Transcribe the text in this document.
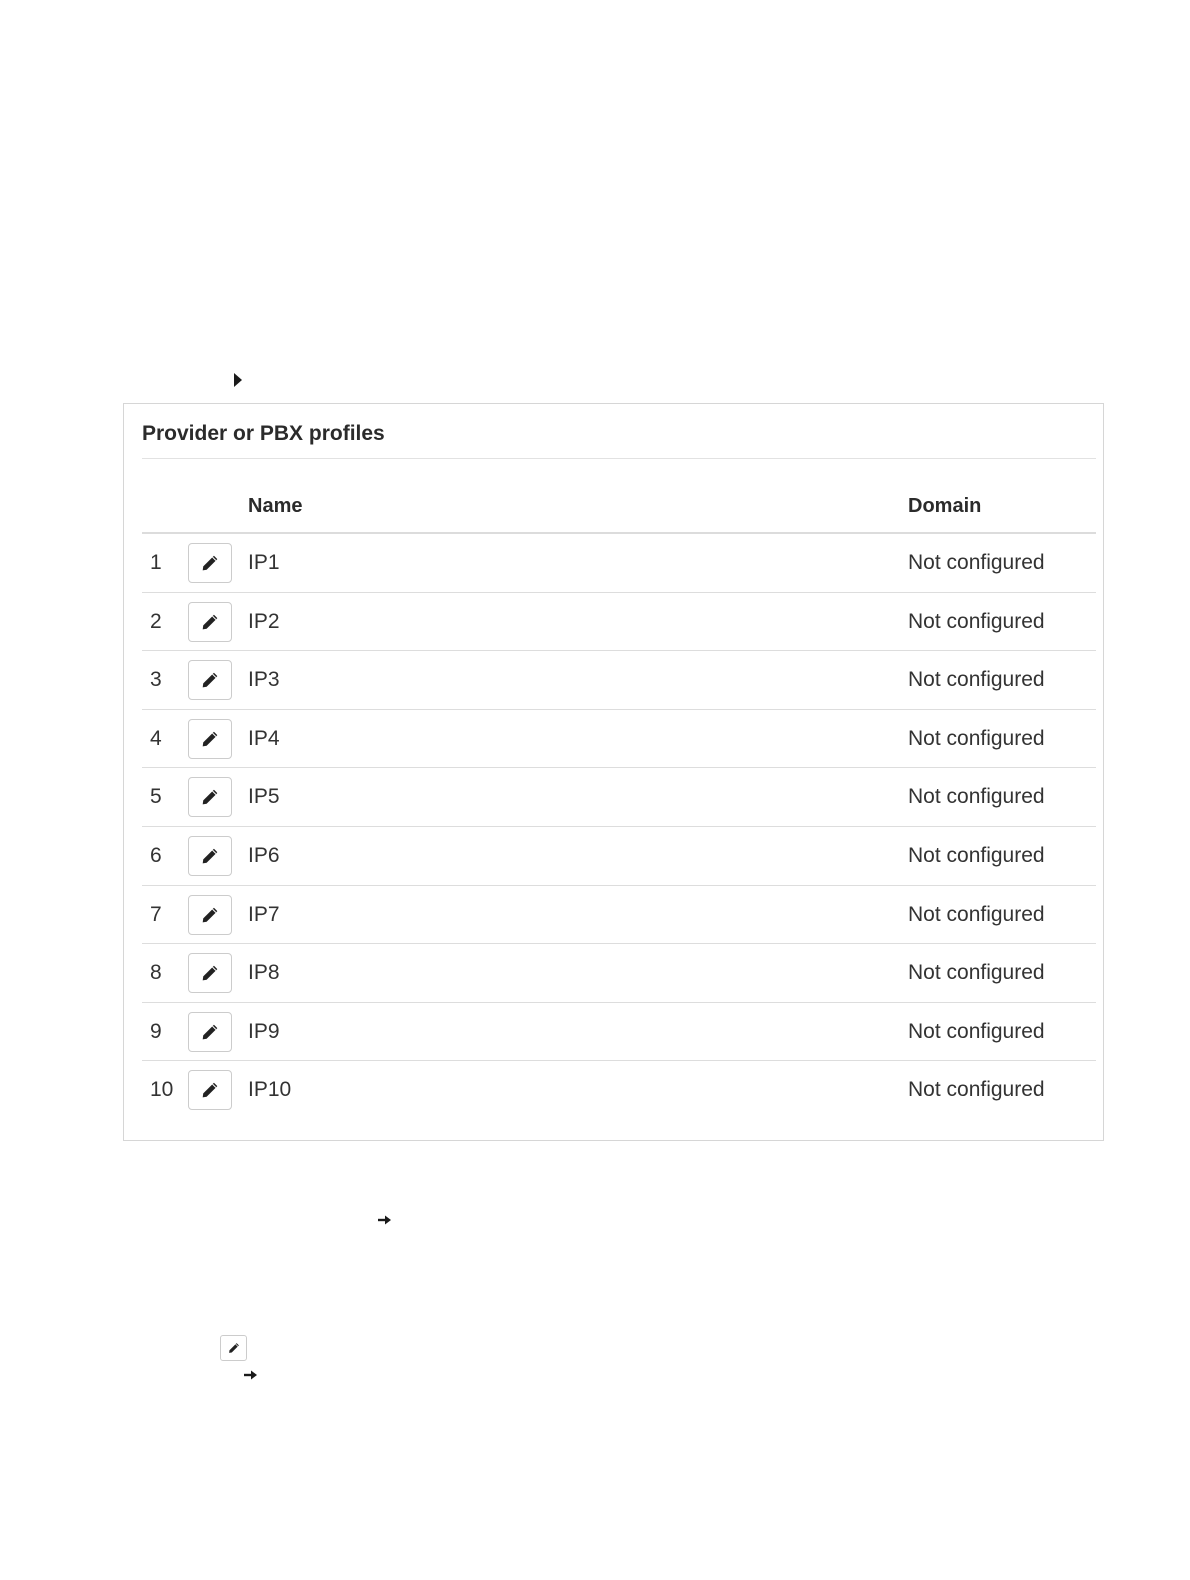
Provider or PBX profiles
Name	Domain
1	IP1	Not configured
2	IP2	Not configured
3	IP3	Not configured
4	IP4	Not configured
5	IP5	Not configured
6	IP6	Not configured
7	IP7	Not configured
8	IP8	Not configured
9	IP9	Not configured
10	IP10	Not configured
